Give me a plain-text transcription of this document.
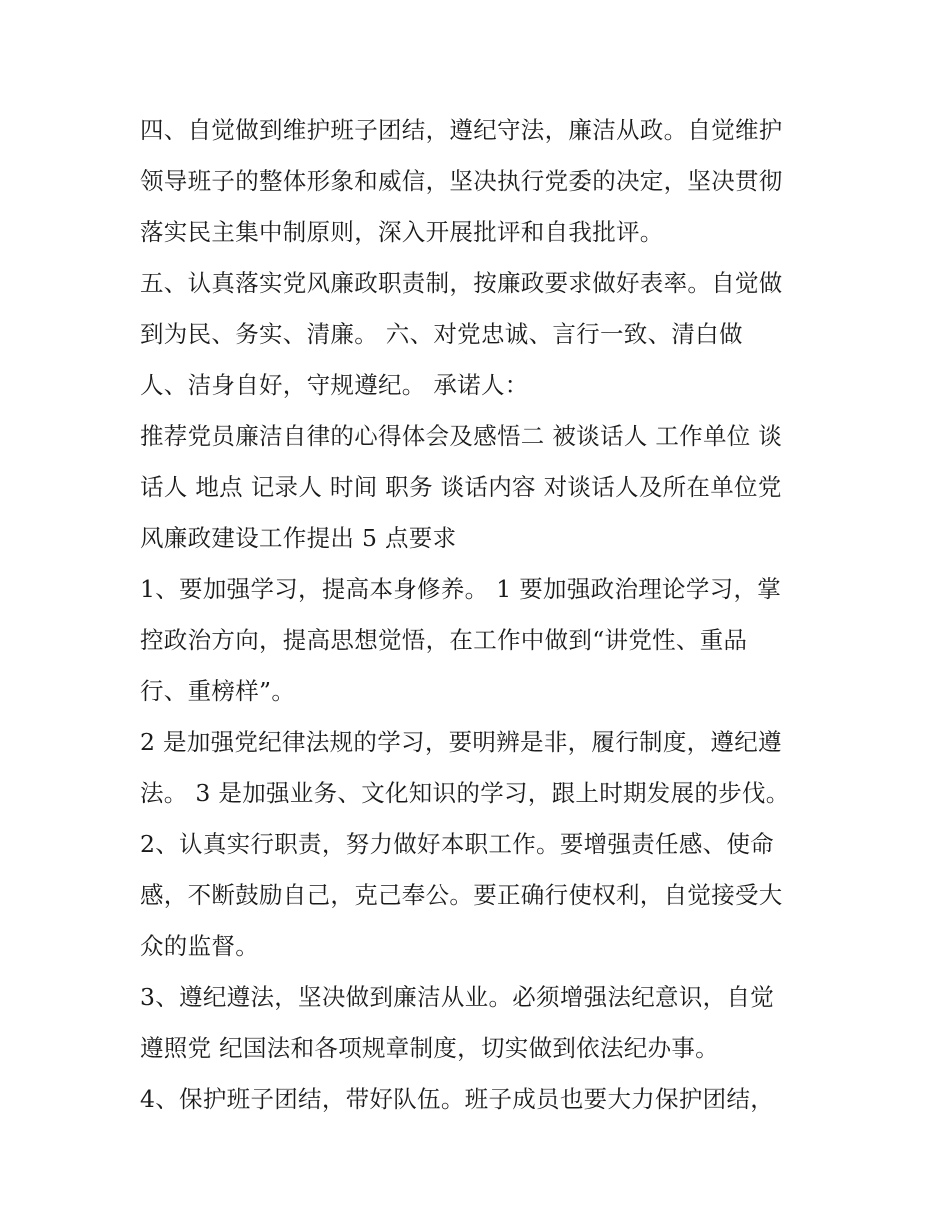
四、自觉做到维护班子团结，遵纪守法，廉洁从政。自觉维护
领导班子的整体形象和威信，坚决执行党委的决定，坚决贯彻
落实民主集中制原则，深入开展批评和自我批评。
五、认真落实党风廉政职责制，按廉政要求做好表率。自觉做
到为民、务实、清廉。 六、对党忠诚、言行一致、清白做
人、洁身自好，守规遵纪。 承诺人：
推荐党员廉洁自律的心得体会及感悟二 被谈话人 工作单位 谈
话人 地点 记录人 时间 职务 谈话内容 对谈话人及所在单位党
风廉政建设工作提出 5 点要求
1、要加强学习，提高本身修养。 1 要加强政治理论学习，掌
控政治方向，提高思想觉悟，在工作中做到“讲党性、重品
行、重榜样”。
2 是加强党纪律法规的学习，要明辨是非，履行制度，遵纪遵
法。 3 是加强业务、文化知识的学习，跟上时期发展的步伐。
2、认真实行职责，努力做好本职工作。要增强责任感、使命
感，不断鼓励自己，克己奉公。要正确行使权利，自觉接受大
众的监督。
3、遵纪遵法，坚决做到廉洁从业。必须增强法纪意识，自觉
遵照党 纪国法和各项规章制度，切实做到依法纪办事。
4、保护班子团结，带好队伍。班子成员也要大力保护团结，
